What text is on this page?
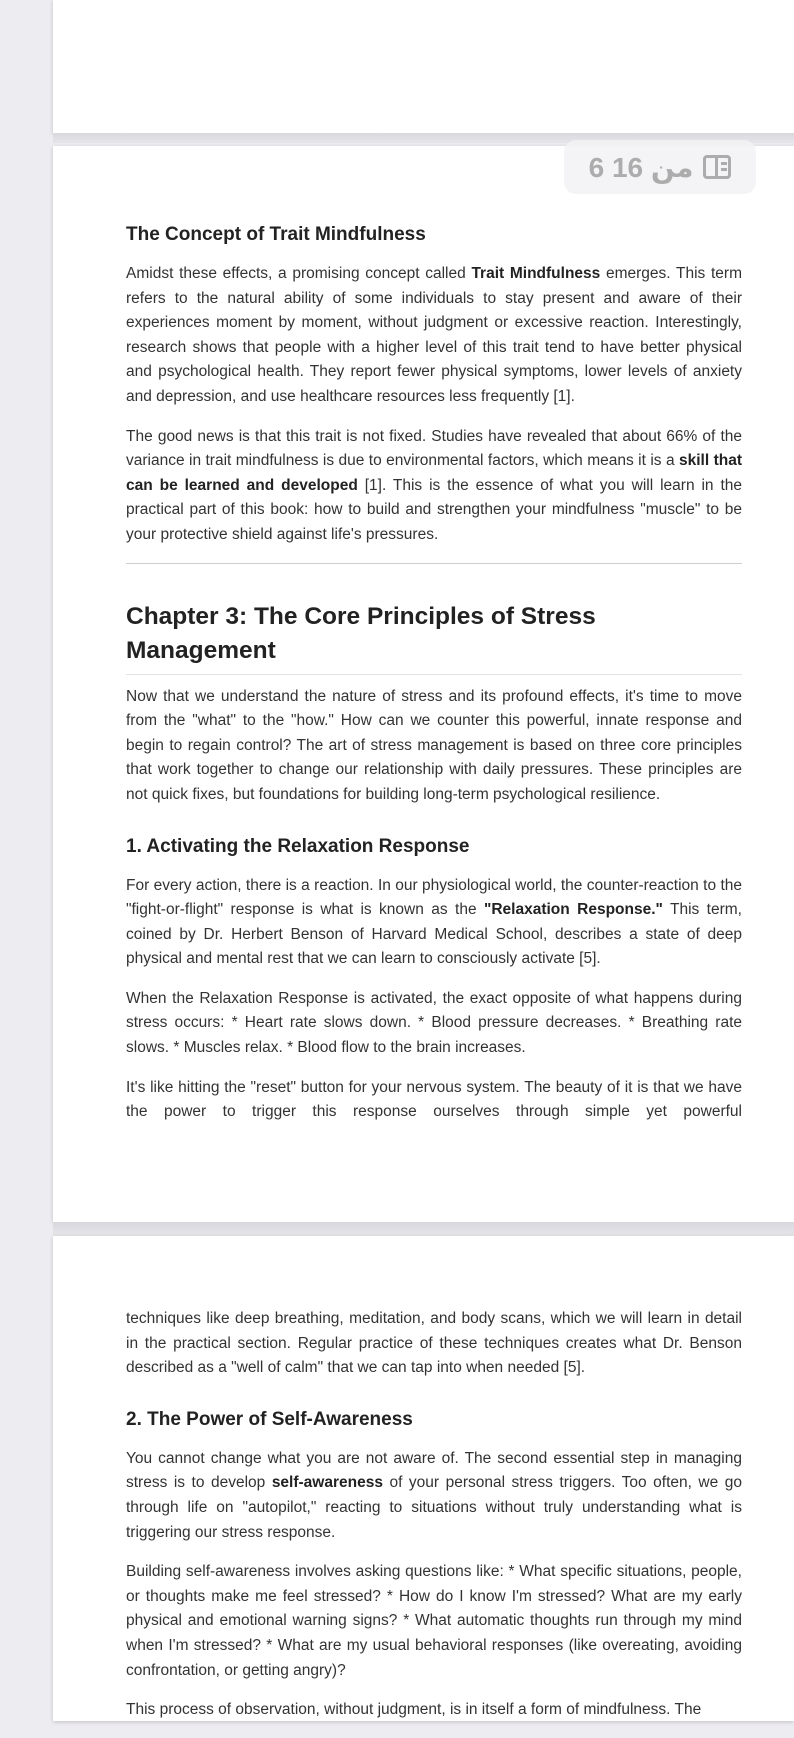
6 من 16
The Concept of Trait Mindfulness

Amidst these effects, a promising concept called Trait Mindfulness emerges. This term refers to the natural ability of some individuals to stay present and aware of their experiences moment by moment, without judgment or excessive reaction. Interestingly, research shows that people with a higher level of this trait tend to have better physical and psychological health. They report fewer physical symptoms, lower levels of anxiety and depression, and use healthcare resources less frequently [1].

The good news is that this trait is not fixed. Studies have revealed that about 66% of the variance in trait mindfulness is due to environmental factors, which means it is a skill that can be learned and developed [1]. This is the essence of what you will learn in the practical part of this book: how to build and strengthen your mindfulness "muscle" to be your protective shield against life's pressures.

Chapter 3: The Core Principles of Stress Management

Now that we understand the nature of stress and its profound effects, it's time to move from the "what" to the "how." How can we counter this powerful, innate response and begin to regain control? The art of stress management is based on three core principles that work together to change our relationship with daily pressures. These principles are not quick fixes, but foundations for building long-term psychological resilience.

1. Activating the Relaxation Response

For every action, there is a reaction. In our physiological world, the counter-reaction to the "fight-or-flight" response is what is known as the "Relaxation Response." This term, coined by Dr. Herbert Benson of Harvard Medical School, describes a state of deep physical and mental rest that we can learn to consciously activate [5].

When the Relaxation Response is activated, the exact opposite of what happens during stress occurs: * Heart rate slows down. * Blood pressure decreases. * Breathing rate slows. * Muscles relax. * Blood flow to the brain increases.

It's like hitting the "reset" button for your nervous system. The beauty of it is that we have the power to trigger this response ourselves through simple yet powerful

techniques like deep breathing, meditation, and body scans, which we will learn in detail in the practical section. Regular practice of these techniques creates what Dr. Benson described as a "well of calm" that we can tap into when needed [5].

2. The Power of Self-Awareness

You cannot change what you are not aware of. The second essential step in managing stress is to develop self-awareness of your personal stress triggers. Too often, we go through life on "autopilot," reacting to situations without truly understanding what is triggering our stress response.

Building self-awareness involves asking questions like: * What specific situations, people, or thoughts make me feel stressed? * How do I know I'm stressed? What are my early physical and emotional warning signs? * What automatic thoughts run through my mind when I'm stressed? * What are my usual behavioral responses (like overeating, avoiding confrontation, or getting angry)?

This process of observation, without judgment, is in itself a form of mindfulness. The
